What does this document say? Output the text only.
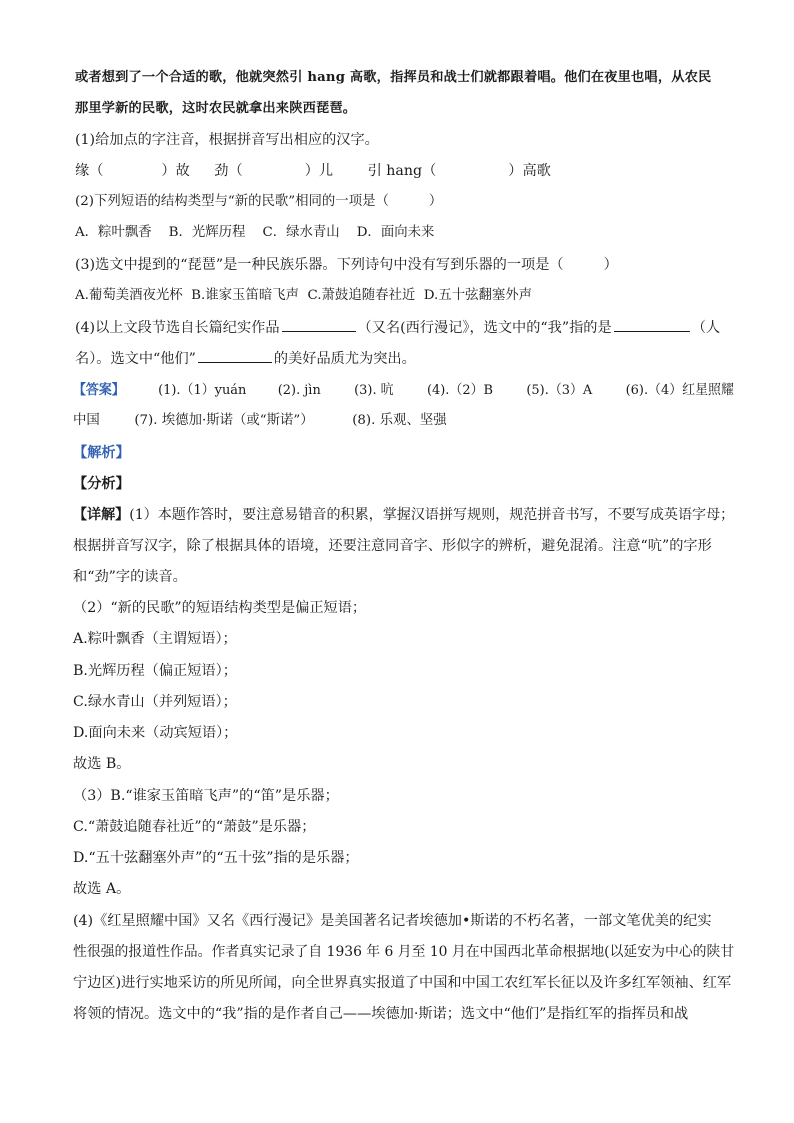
或者想到了一个合适的歌，他就突然引 hang 高歌，指挥员和战士们就都跟着唱。他们在夜里也唱，从农民
那里学新的民歌，这时农民就拿出来陕西琵琶。
(1)给加点的字注音，根据拼音写出相应的汉字。
缘（	）故 劲（	）儿 引 hang（	）高歌
(2)下列短语的结构类型与“新的民歌”相同的一项是（	）
A．粽叶飘香    B．光辉历程    C．绿水青山    D．面向未来
(3)选文中提到的“琵琶”是一种民族乐器。下列诗句中没有写到乐器的一项是（	）
A.葡萄美酒夜光杯  B.谁家玉笛暗飞声  C.萧鼓追随春社近  D.五十弦翻塞外声
(4)以上文段节选自长篇纪实作品	（又名(西行漫记》，选文中的“我”指的是	（人
名）。选文中“他们”	的美好品质尤为突出。
【答案】 (1).（1）yuán (2). jìn (3). 吭 (4).（2）B (5).（3）A (6).（4）红星照耀
中国	(7). 埃德加·斯诺（或“斯诺”）	(8). 乐观、坚强
【解析】
【分析】
【详解】(1）本题作答时，要注意易错音的积累，掌握汉语拼写规则，规范拼音书写，不要写成英语字母；
根据拼音写汉字，除了根据具体的语境，还要注意同音字、形似字的辨析，避免混淆。注意“吭”的字形
和“劲”字的读音。
（2）“新的民歌”的短语结构类型是偏正短语；
A.粽叶飘香（主谓短语）；
B.光辉历程（偏正短语）；
C.绿水青山（并列短语）；
D.面向未来（动宾短语）；
故选 B。
（3）B.“谁家玉笛暗飞声”的“笛”是乐器；
C.“萧鼓追随春社近”的“萧鼓”是乐器；
D.“五十弦翻塞外声”的“五十弦”指的是乐器；
故选 A。
(4)《红星照耀中国》又名《西行漫记》是美国著名记者埃德加•斯诺的不朽名著，一部文笔优美的纪实
性很强的报道性作品。作者真实记录了自 1936 年 6 月至 10 月在中国西北革命根据地(以延安为中心的陕甘
宁边区)进行实地采访的所见所闻，向全世界真实报道了中国和中国工农红军长征以及许多红军领袖、红军
将领的情况。选文中的“我”指的是作者自己——埃德加·斯诺；选文中“他们”是指红军的指挥员和战
